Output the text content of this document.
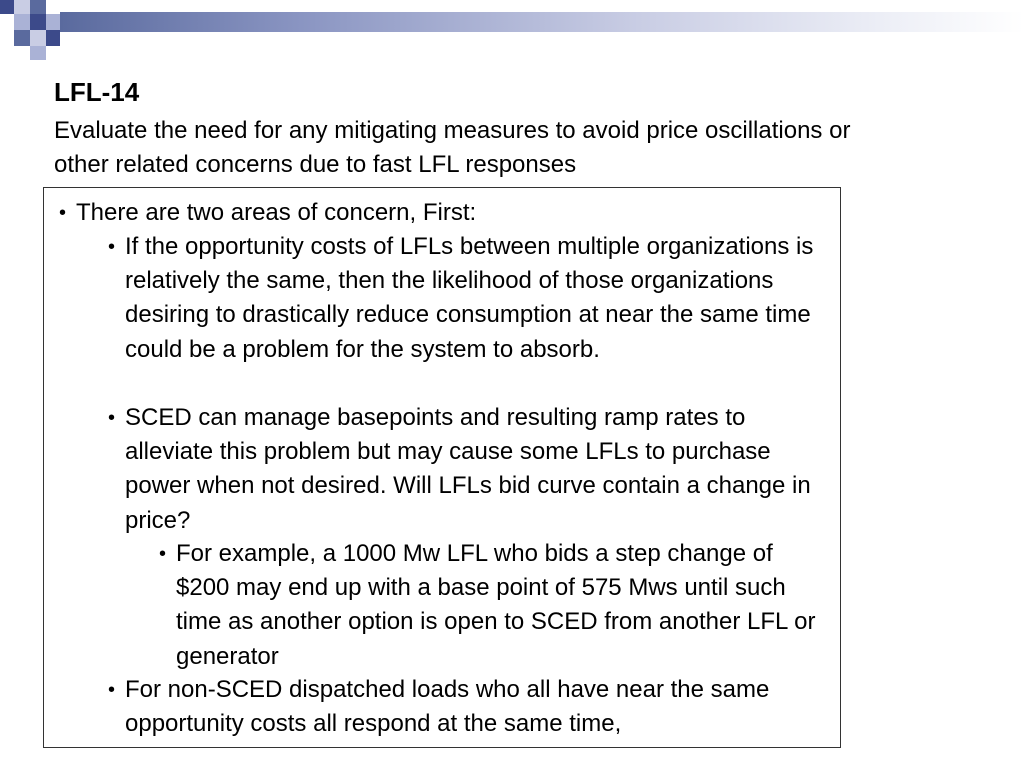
LFL-14

Evaluate the need for any mitigating measures to avoid price oscillations or other related concerns due to fast LFL responses

• There are two areas of concern, First:
• If the opportunity costs of LFLs between multiple organizations is relatively the same, then the likelihood of those organizations desiring to drastically reduce consumption at near the same time could be a problem for the system to absorb.
• SCED can manage basepoints and resulting ramp rates to alleviate this problem but may cause some LFLs to purchase power when not desired. Will LFLs bid curve contain a change in price?
• For example, a 1000 Mw LFL who bids a step change of $200 may end up with a base point of 575 Mws until such time as another option is open to SCED from another LFL or generator
• For non-SCED dispatched loads who all have near the same opportunity costs all respond at the same time,
